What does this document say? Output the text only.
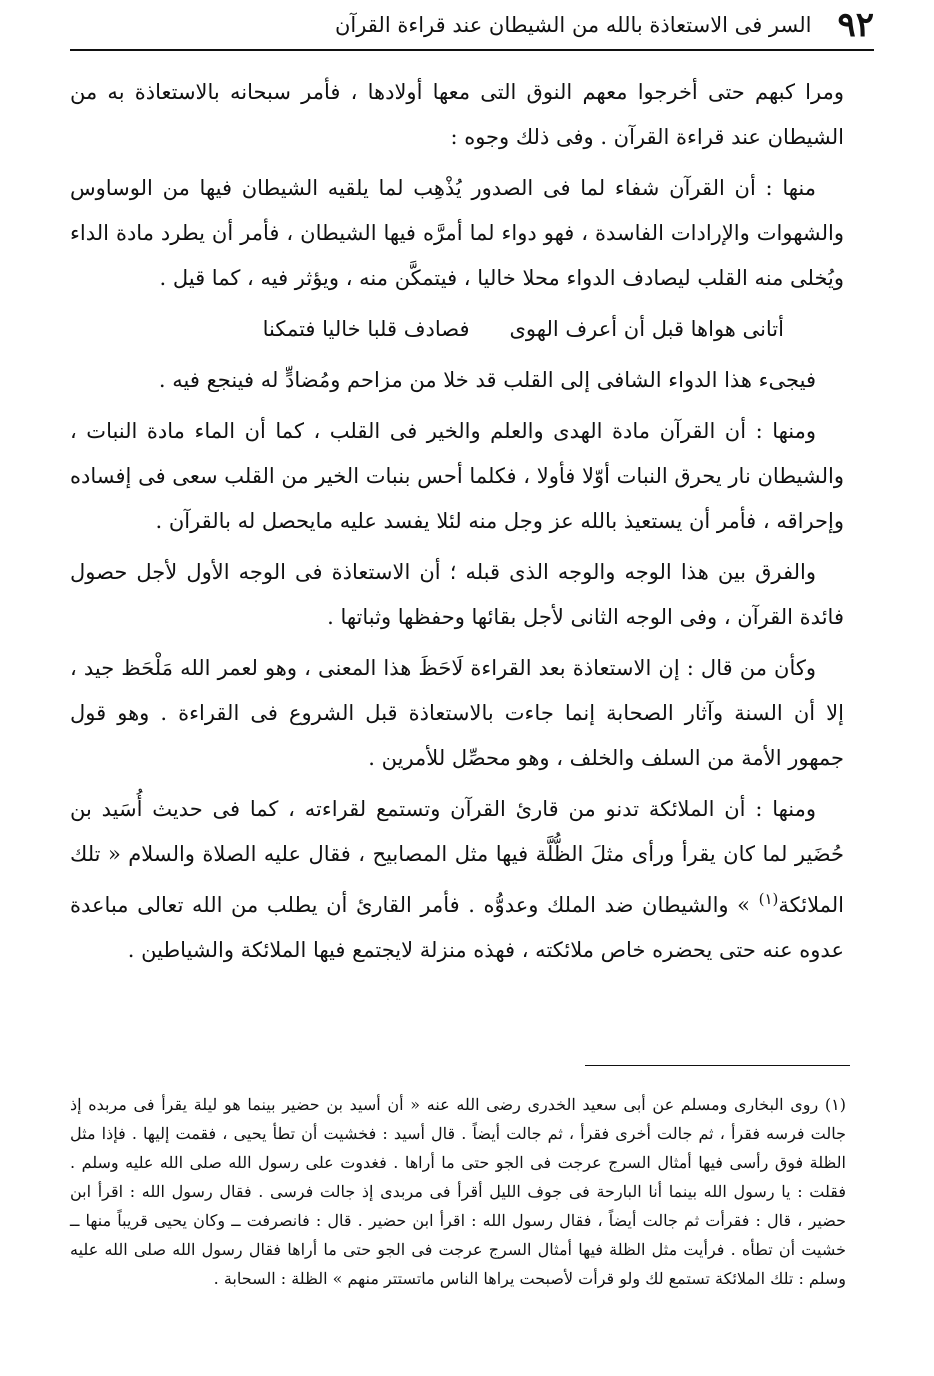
٩٢
السر فى الاستعاذة بالله من الشيطان عند قراءة القرآن

ومرا كبهم حتى أخرجوا معهم النوق التى معها أولادها ، فأمر سبحانه بالاستعاذة به من الشيطان عند قراءة القرآن . وفى ذلك وجوه :

منها : أن القرآن شفاء لما فى الصدور يُذْهِب لما يلقيه الشيطان فيها من الوساوس والشهوات والإرادات الفاسدة ، فهو دواء لما أمرَّه فيها الشيطان ، فأمر أن يطرد مادة الداء ويُخلى منه القلب ليصادف الدواء محلا خاليا ، فيتمكَّن منه ، ويؤثر فيه ، كما قيل .

أتانى هواها قبل أن أعرف الهوى
فصادف قلبا خاليا فتمكنا

فيجىء هذا الدواء الشافى إلى القلب قد خلا من مزاحم ومُضادٍّ له فينجع فيه .

ومنها : أن القرآن مادة الهدى والعلم والخير فى القلب ، كما أن الماء مادة النبات ، والشيطان نار يحرق النبات أوّلا فأولا ، فكلما أحس بنبات الخير من القلب سعى فى إفساده وإحراقه ، فأمر أن يستعيذ بالله عز وجل منه لئلا يفسد عليه مايحصل له بالقرآن .

والفرق بين هذا الوجه والوجه الذى قبله ؛ أن الاستعاذة فى الوجه الأول لأجل حصول فائدة القرآن ، وفى الوجه الثانى لأجل بقائها وحفظها وثباتها .

وكأن من قال : إن الاستعاذة بعد القراءة لَاحَظَ هذا المعنى ، وهو لعمر الله مَلْحَظ جيد ، إلا أن السنة وآثار الصحابة إنما جاءت بالاستعاذة قبل الشروع فى القراءة . وهو قول جمهور الأمة من السلف والخلف ، وهو محصِّل للأمرين .

ومنها : أن الملائكة تدنو من قارئ القرآن وتستمع لقراءته ، كما فى حديث أُسَيد بن حُضَير لما كان يقرأ ورأى مثلَ الظُّلَّة فيها مثل المصابيح ، فقال عليه الصلاة والسلام « تلك الملائكة$^{(١)}$ » والشيطان ضد الملك وعدوُّه . فأمر القارئ أن يطلب من الله تعالى مباعدة عدوه عنه حتى يحضره خاص ملائكته ، فهذه منزلة لايجتمع فيها الملائكة والشياطين .

(١) روى البخارى ومسلم عن أبى سعيد الخدرى رضى الله عنه « أن أسيد بن حضير بينما هو ليلة يقرأ فى مربده إذ جالت فرسه فقرأ ، ثم جالت أخرى فقرأ ، ثم جالت أيضاً . قال أسيد : فخشيت أن تطأ يحيى ، فقمت إليها . فإذا مثل الظلة فوق رأسى فيها أمثال السرج عرجت فى الجو حتى ما أراها . فغدوت على رسول الله صلى الله عليه وسلم . فقلت : يا رسول الله بينما أنا البارحة فى جوف الليل أقرأ فى مربدى إذ جالت فرسى . فقال رسول الله : اقرأ ابن حضير ، قال : فقرأت ثم جالت أيضاً ، فقال رسول الله : اقرأ ابن حضير . قال : فانصرفت ــ وكان يحيى قريباً منها ــ خشيت أن تطأه . فرأيت مثل الظلة فيها أمثال السرج عرجت فى الجو حتى ما أراها فقال رسول الله صلى الله عليه وسلم : تلك الملائكة تستمع لك ولو قرأت لأصبحت يراها الناس ماتستتر منهم » الظلة : السحابة .
